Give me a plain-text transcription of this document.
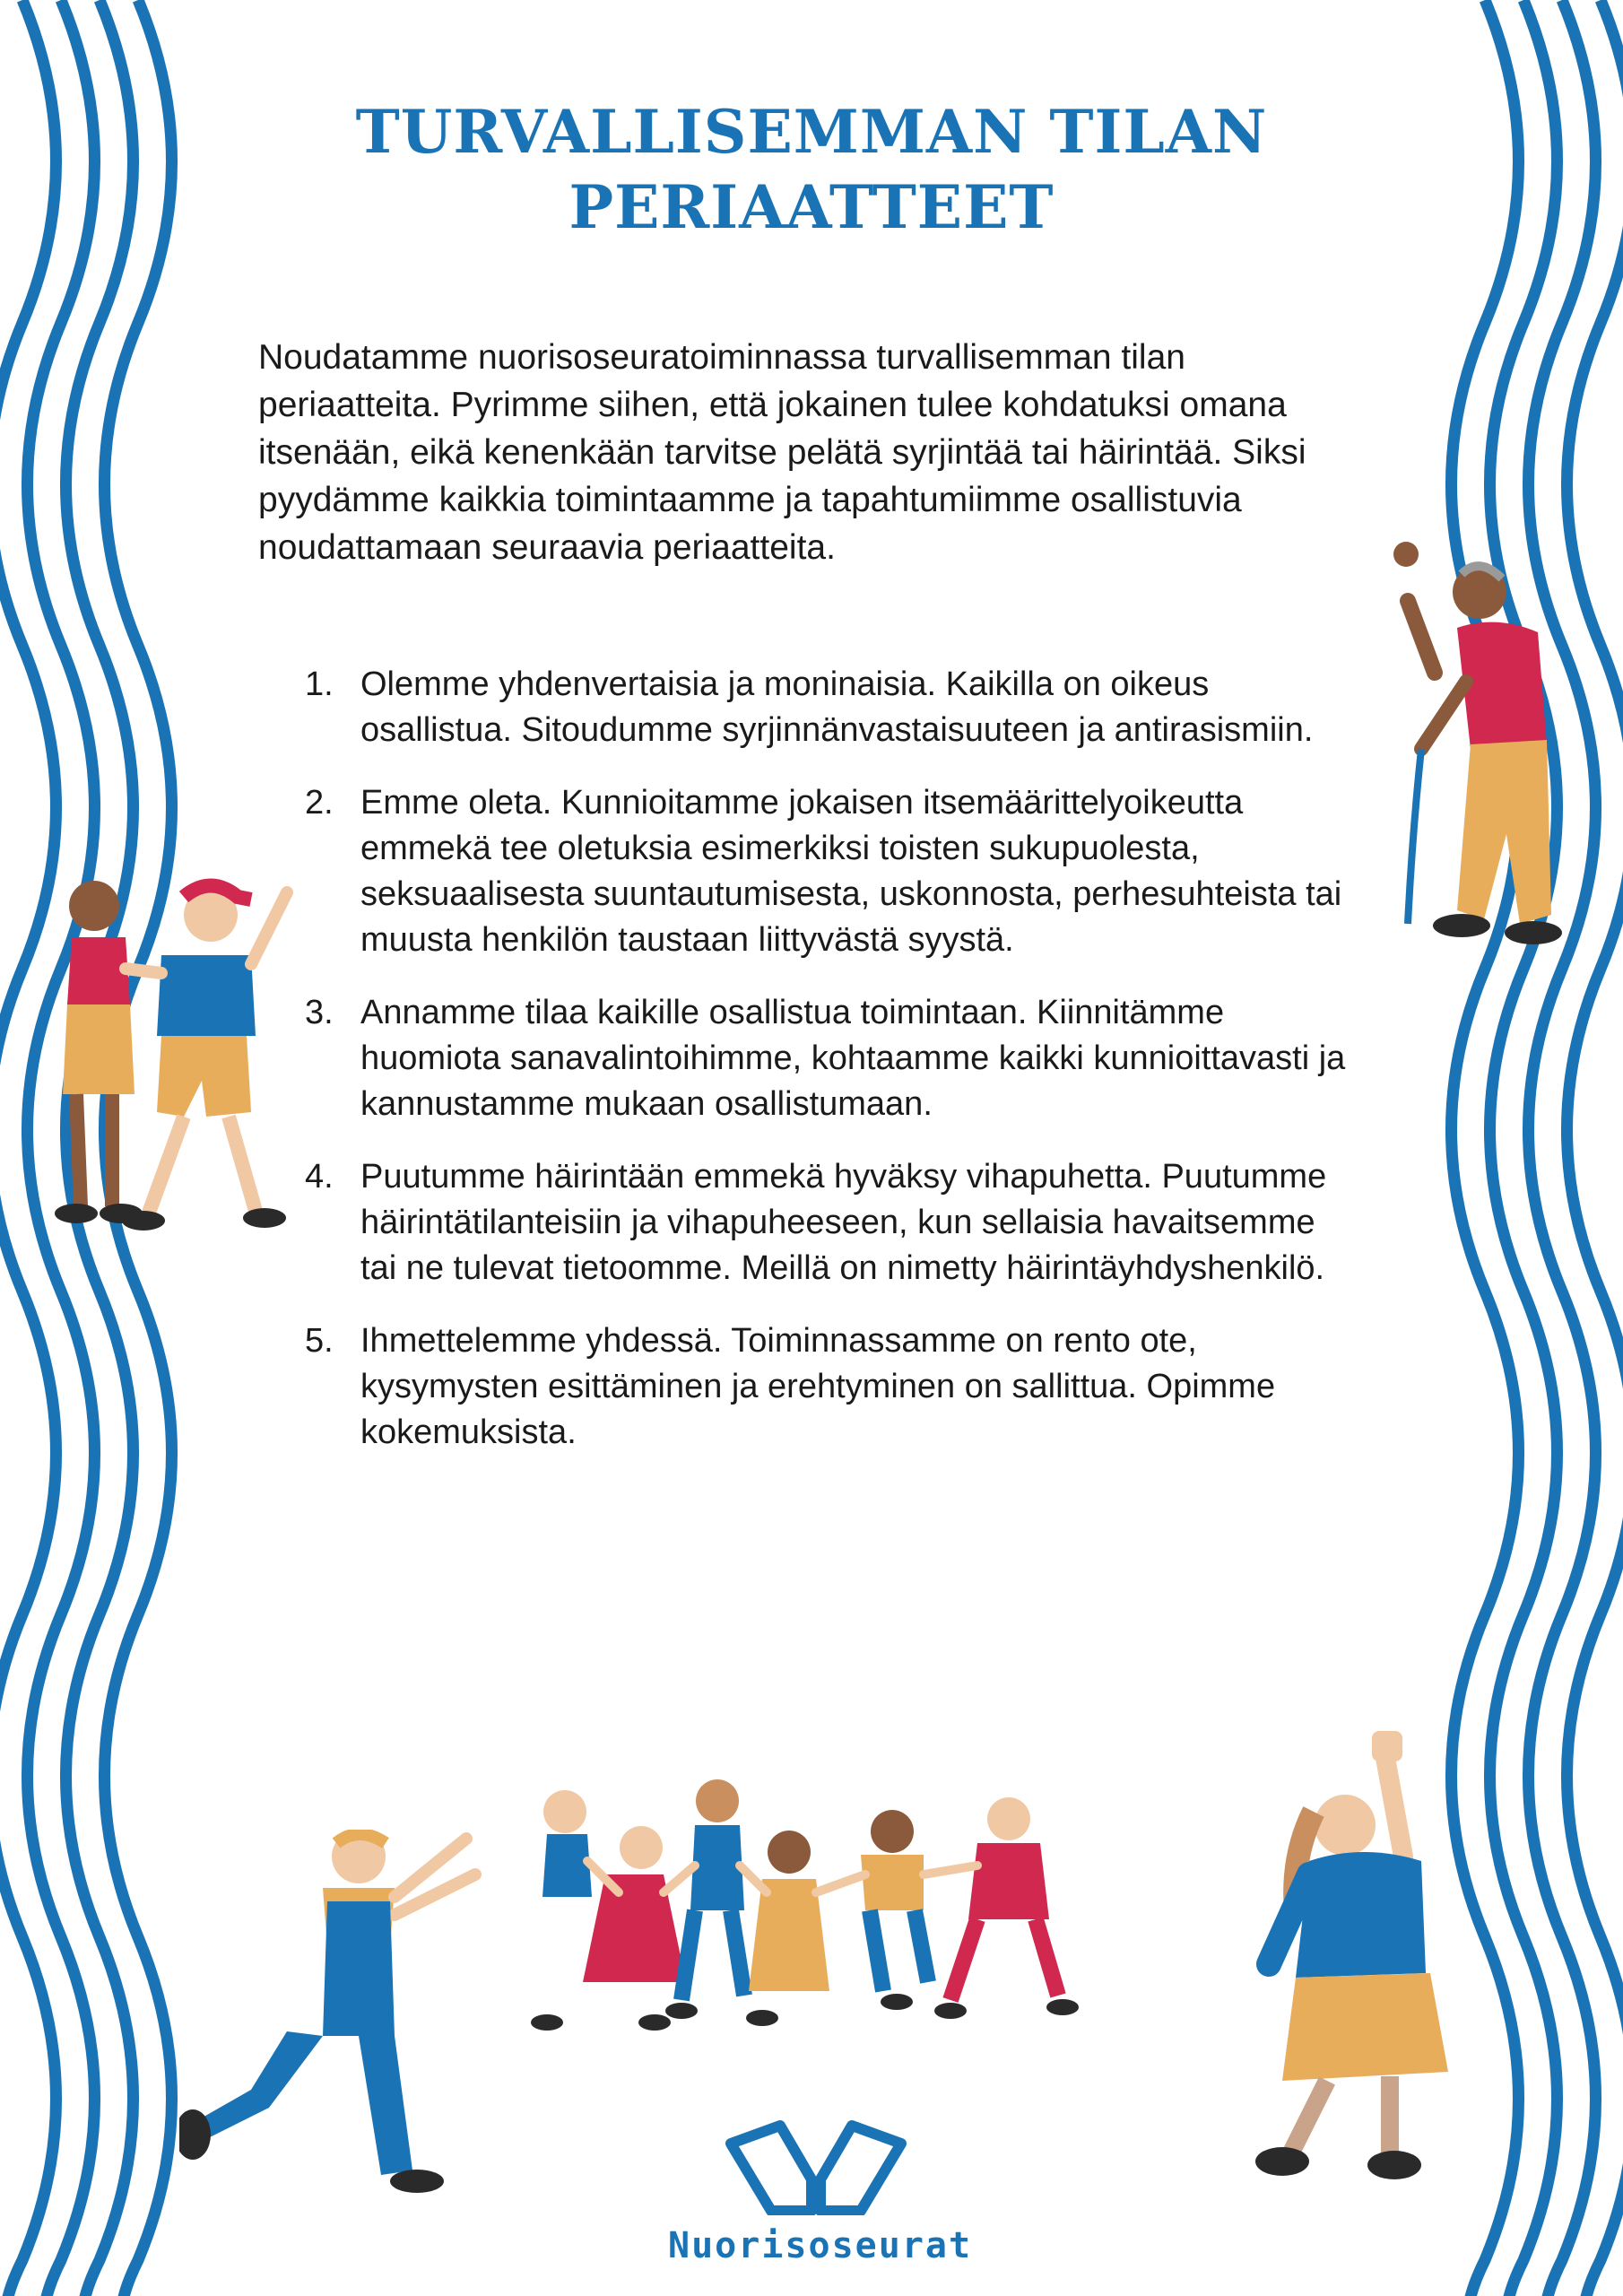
TURVALLISEMMAN TILAN
PERIAATTEET

Noudatamme nuorisoseuratoiminnassa turvallisemman tilan periaatteita. Pyrimme siihen, että jokainen tulee kohdatuksi omana itsenään, eikä kenenkään tarvitse pelätä syrjintää tai häirintää. Siksi pyydämme kaikkia toimintaamme ja tapahtumiimme osallistuvia noudattamaan seuraavia periaatteita.

1. Olemme yhdenvertaisia ja moninaisia. Kaikilla on oikeus osallistua. Sitoudumme syrjinnänvastaisuuteen ja antirasismiin.
2. Emme oleta. Kunnioitamme jokaisen itsemäärittelyoikeutta emmekä tee oletuksia esimerkiksi toisten sukupuolesta, seksuaalisesta suuntautumisesta, uskonnosta, perhesuhteista tai muusta henkilön taustaan liittyvästä syystä.
3. Annamme tilaa kaikille osallistua toimintaan. Kiinnitämme huomiota sanavalintoihimme, kohtaamme kaikki kunnioittavasti ja kannustamme mukaan osallistumaan.
4. Puutumme häirintään emmekä hyväksy vihapuhetta. Puutumme häirintätilanteisiin ja vihapuheeseen, kun sellaisia havaitsemme tai ne tulevat tietoomme. Meillä on nimetty häirintäyhdyshenkilö.
5. Ihmettelemme yhdessä. Toiminnassamme on rento ote, kysymysten esittäminen ja erehtyminen on sallittua. Opimme kokemuksista.
Nuorisoseurat
